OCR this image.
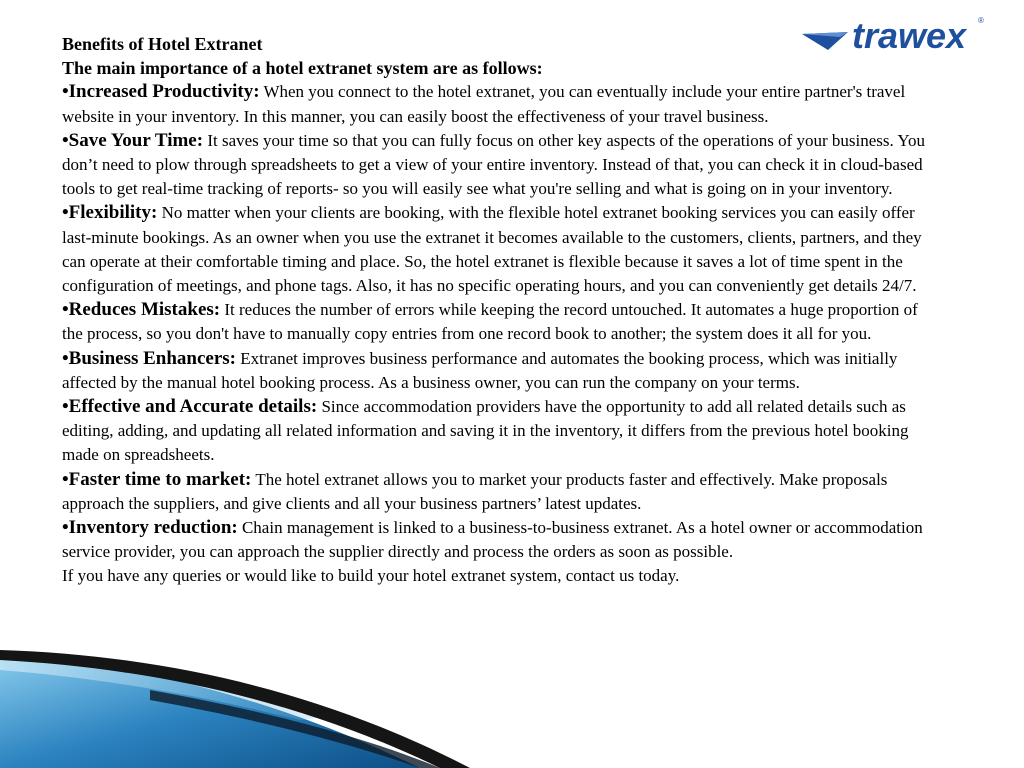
trawex ®

Benefits of Hotel Extranet

The main importance of a hotel extranet system are as follows:

•Increased Productivity: When you connect to the hotel extranet, you can eventually include your entire partner's travel website in your inventory. In this manner, you can easily boost the effectiveness of your travel business.

•Save Your Time: It saves your time so that you can fully focus on other key aspects of the operations of your business. You don’t need to plow through spreadsheets to get a view of your entire inventory. Instead of that, you can check it in cloud-based tools to get real-time tracking of reports- so you will easily see what you're selling and what is going on in your inventory.

•Flexibility: No matter when your clients are booking, with the flexible hotel extranet booking services you can easily offer last-minute bookings. As an owner when you use the extranet it becomes available to the customers, clients, partners, and they can operate at their comfortable timing and place. So, the hotel extranet is flexible because it saves a lot of time spent in the configuration of meetings, and phone tags. Also, it has no specific operating hours, and you can conveniently get details 24/7.

•Reduces Mistakes: It reduces the number of errors while keeping the record untouched. It automates a huge proportion of the process, so you don't have to manually copy entries from one record book to another; the system does it all for you.

•Business Enhancers: Extranet improves business performance and automates the booking process, which was initially affected by the manual hotel booking process. As a business owner, you can run the company on your terms.

•Effective and Accurate details: Since accommodation providers have the opportunity to add all related details such as editing, adding, and updating all related information and saving it in the inventory, it differs from the previous hotel booking made on spreadsheets.

•Faster time to market: The hotel extranet allows you to market your products faster and effectively. Make proposals approach the suppliers, and give clients and all your business partners’ latest updates.

•Inventory reduction: Chain management is linked to a business-to-business extranet. As a hotel owner or accommodation service provider, you can approach the supplier directly and process the orders as soon as possible.

If you have any queries or would like to build your hotel extranet system, contact us today.
